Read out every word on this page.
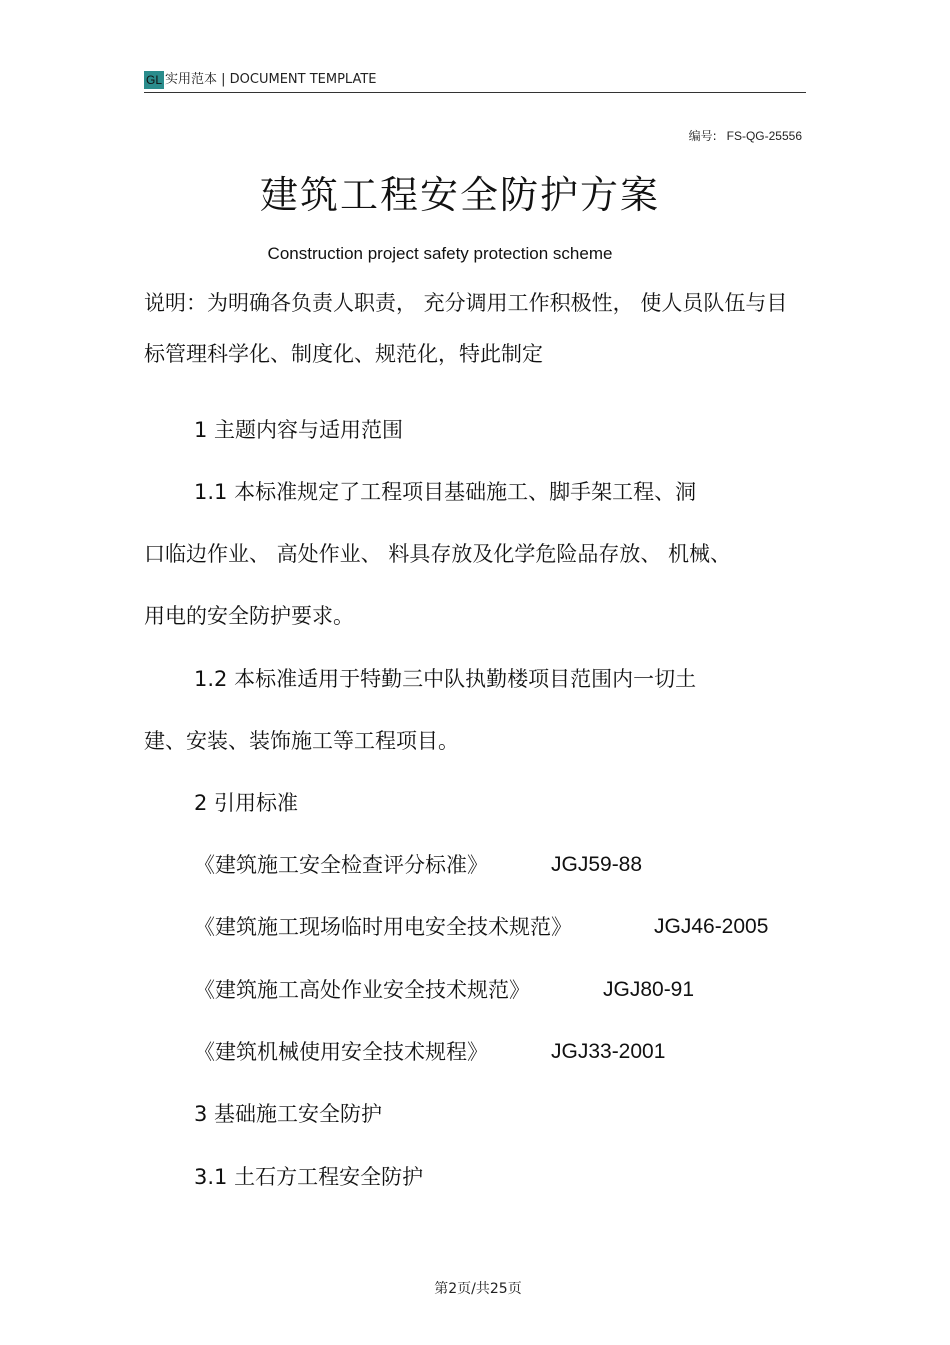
GL 实用范本 | DOCUMENT TEMPLATE
编号: FS-QG-25556
建筑工程安全防护方案
Construction project safety protection scheme
说明：为明确各负责人职责， 充分调用工作积极性， 使人员队伍与目
标管理科学化、制度化、规范化，特此制定
1 主题内容与适用范围
1.1 本标准规定了工程项目基础施工、脚手架工程、洞
口临边作业、 高处作业、 料具存放及化学危险品存放、 机械、
用电的安全防护要求。
1.2 本标准适用于特勤三中队执勤楼项目范围内一切土
建、安装、装饰施工等工程项目。
2 引用标准
《建筑施工安全检查评分标准》	JGJ59-88
《建筑施工现场临时用电安全技术规范》	JGJ46-2005
《建筑施工高处作业安全技术规范》	JGJ80-91
《建筑机械使用安全技术规程》	JGJ33-2001
3 基础施工安全防护
3.1 土石方工程安全防护
第2页/共25页
